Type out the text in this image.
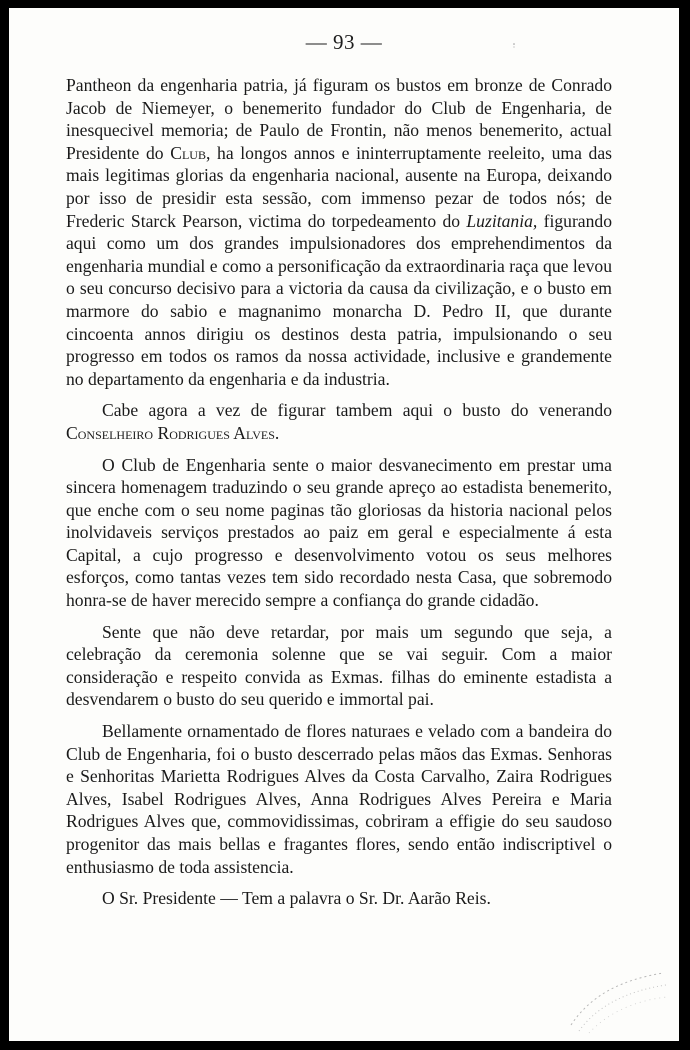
— 93 —

Pantheon da engenharia patria, já figuram os bustos em bronze de Conrado Jacob de Niemeyer, o benemerito fundador do Club de Engenharia, de inesquecivel memoria; de Paulo de Frontin, não menos benemerito, actual Presidente do Club, ha longos annos e ininterruptamente reeleito, uma das mais legitimas glorias da engenharia nacional, ausente na Europa, deixando por isso de presidir esta sessão, com immenso pezar de todos nós; de Frederic Starck Pearson, victima do torpedeamento do Luzitania, figurando aqui como um dos grandes impulsionadores dos emprehendimentos da engenharia mundial e como a personificação da extraordinaria raça que levou o seu concurso decisivo para a victoria da causa da civilização, e o busto em marmore do sabio e magnanimo monarcha D. Pedro II, que durante cincoenta annos dirigiu os destinos desta patria, impulsionando o seu progresso em todos os ramos da nossa actividade, inclusive e grandemente no departamento da engenharia e da industria.

Cabe agora a vez de figurar tambem aqui o busto do venerando Conselheiro Rodrigues Alves.

O Club de Engenharia sente o maior desvanecimento em prestar uma sincera homenagem traduzindo o seu grande apreço ao estadista benemerito, que enche com o seu nome paginas tão gloriosas da historia nacional pelos inolvidaveis serviços prestados ao paiz em geral e especialmente á esta Capital, a cujo progresso e desenvolvimento votou os seus melhores esforços, como tantas vezes tem sido recordado nesta Casa, que sobremodo honra-se de haver merecido sempre a confiança do grande cidadão.

Sente que não deve retardar, por mais um segundo que seja, a celebração da ceremonia solenne que se vai seguir. Com a maior consideração e respeito convida as Exmas. filhas do eminente estadista a desvendarem o busto do seu querido e immortal pai.

Bellamente ornamentado de flores naturaes e velado com a bandeira do Club de Engenharia, foi o busto descerrado pelas mãos das Exmas. Senhoras e Senhoritas Marietta Rodrigues Alves da Costa Carvalho, Zaira Rodrigues Alves, Isabel Rodrigues Alves, Anna Rodrigues Alves Pereira e Maria Rodrigues Alves que, commovidissimas, cobriram a effigie do seu saudoso progenitor das mais bellas e fragantes flores, sendo então indiscriptivel o enthusiasmo de toda assistencia.

O Sr. Presidente — Tem a palavra o Sr. Dr. Aarão Reis.
